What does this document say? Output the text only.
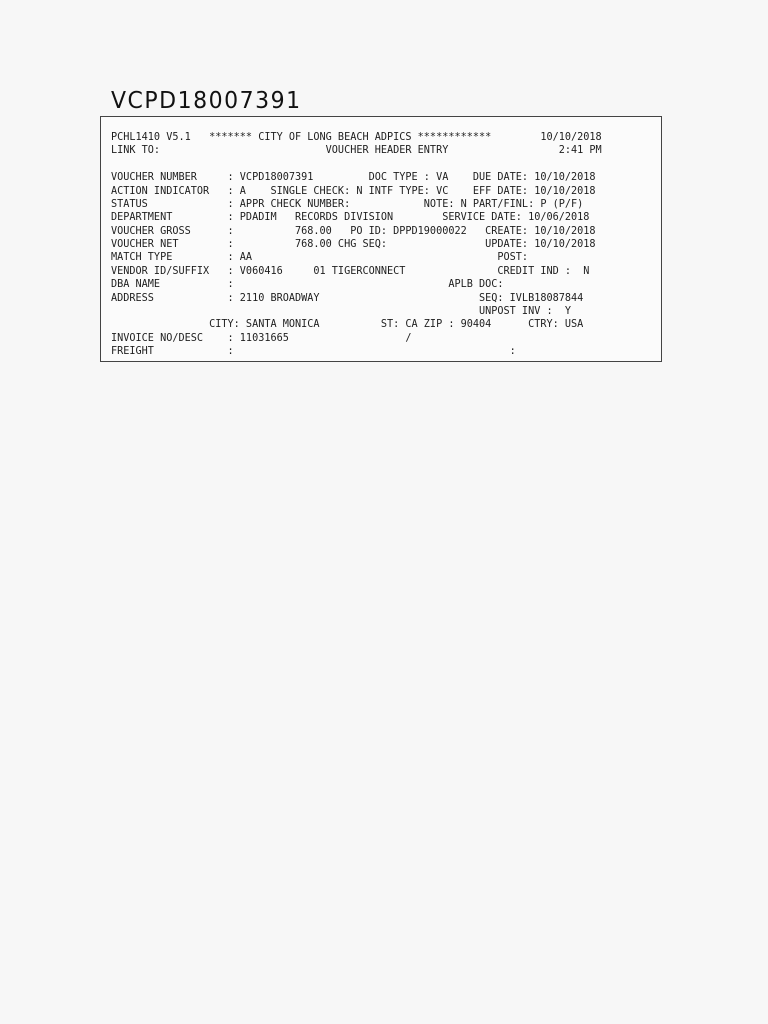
VCPD18007391
PCHL1410 V5.1   ******* CITY OF LONG BEACH ADPICS ************        10/10/2018
LINK TO:                           VOUCHER HEADER ENTRY                  2:41 PM
VOUCHER NUMBER     : VCPD18007391         DOC TYPE : VA    DUE DATE: 10/10/2018
ACTION INDICATOR   : A    SINGLE CHECK: N INTF TYPE: VC    EFF DATE: 10/10/2018
STATUS             : APPR CHECK NUMBER:            NOTE: N PART/FINL: P (P/F)
DEPARTMENT         : PDADIM   RECORDS DIVISION        SERVICE DATE: 10/06/2018
VOUCHER GROSS      :          768.00   PO ID: DPPD19000022   CREATE: 10/10/2018
VOUCHER NET        :          768.00 CHG SEQ:                UPDATE: 10/10/2018
MATCH TYPE         : AA                                        POST:
VENDOR ID/SUFFIX   : V060416     01 TIGERCONNECT               CREDIT IND :  N
DBA NAME           :                                   APLB DOC:
ADDRESS            : 2110 BROADWAY                          SEQ: IVLB18087844
UNPOST INV :  Y
CITY: SANTA MONICA          ST: CA ZIP : 90404      CTRY: USA
INVOICE NO/DESC    : 11031665                   /
FREIGHT            :                                             :
